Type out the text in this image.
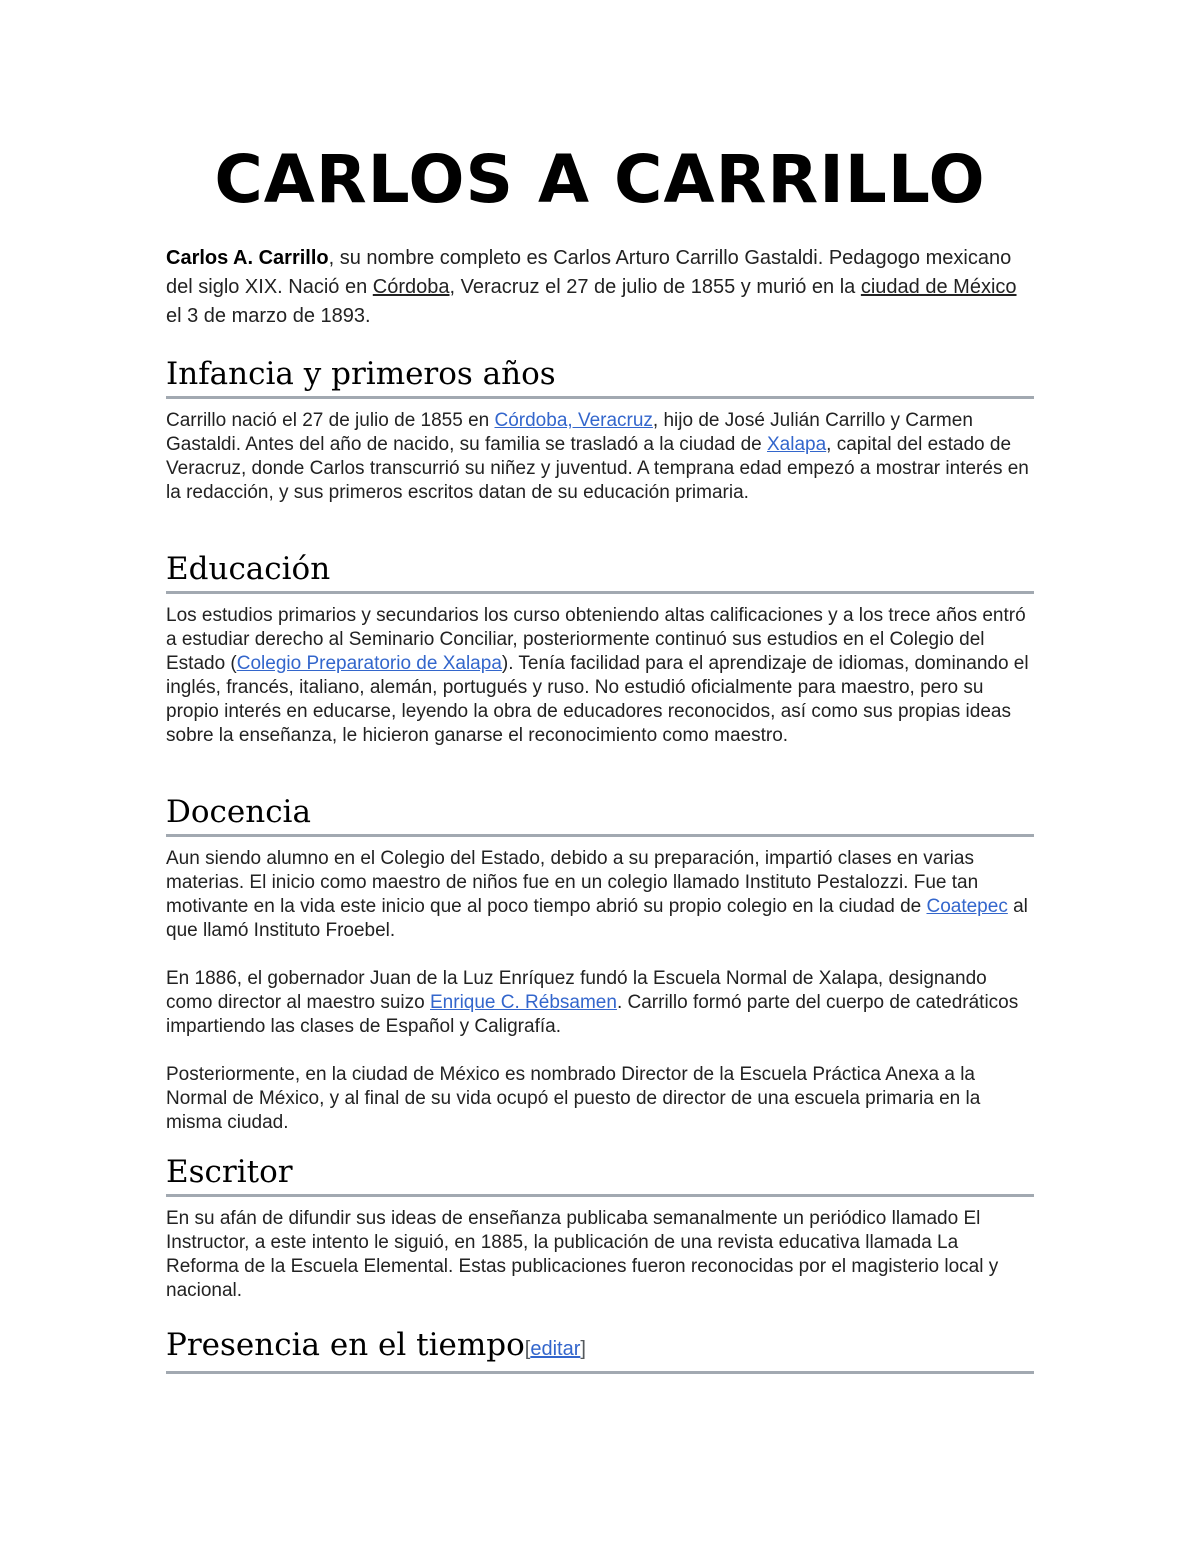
CARLOS A CARRILLO

Carlos A. Carrillo, su nombre completo es Carlos Arturo Carrillo Gastaldi. Pedagogo mexicano del siglo XIX. Nació en Córdoba, Veracruz el 27 de julio de 1855 y murió en la ciudad de México el 3 de marzo de 1893.

Infancia y primeros años

Carrillo nació el 27 de julio de 1855 en Córdoba, Veracruz, hijo de José Julián Carrillo y Carmen Gastaldi. Antes del año de nacido, su familia se trasladó a la ciudad de Xalapa, capital del estado de Veracruz, donde Carlos transcurrió su niñez y juventud. A temprana edad empezó a mostrar interés en la redacción, y sus primeros escritos datan de su educación primaria.

Educación

Los estudios primarios y secundarios los curso obteniendo altas calificaciones y a los trece años entró a estudiar derecho al Seminario Conciliar, posteriormente continuó sus estudios en el Colegio del Estado (Colegio Preparatorio de Xalapa). Tenía facilidad para el aprendizaje de idiomas, dominando el inglés, francés, italiano, alemán, portugués y ruso. No estudió oficialmente para maestro, pero su propio interés en educarse, leyendo la obra de educadores reconocidos, así como sus propias ideas sobre la enseñanza, le hicieron ganarse el reconocimiento como maestro.

Docencia

Aun siendo alumno en el Colegio del Estado, debido a su preparación, impartió clases en varias materias. El inicio como maestro de niños fue en un colegio llamado Instituto Pestalozzi. Fue tan motivante en la vida este inicio que al poco tiempo abrió su propio colegio en la ciudad de Coatepec al que llamó Instituto Froebel.

En 1886, el gobernador Juan de la Luz Enríquez fundó la Escuela Normal de Xalapa, designando como director al maestro suizo Enrique C. Rébsamen. Carrillo formó parte del cuerpo de catedráticos impartiendo las clases de Español y Caligrafía.

Posteriormente, en la ciudad de México es nombrado Director de la Escuela Práctica Anexa a la Normal de México, y al final de su vida ocupó el puesto de director de una escuela primaria en la misma ciudad.

Escritor

En su afán de difundir sus ideas de enseñanza publicaba semanalmente un periódico llamado El Instructor, a este intento le siguió, en 1885, la publicación de una revista educativa llamada La Reforma de la Escuela Elemental. Estas publicaciones fueron reconocidas por el magisterio local y nacional.

Presencia en el tiempo[editar]
